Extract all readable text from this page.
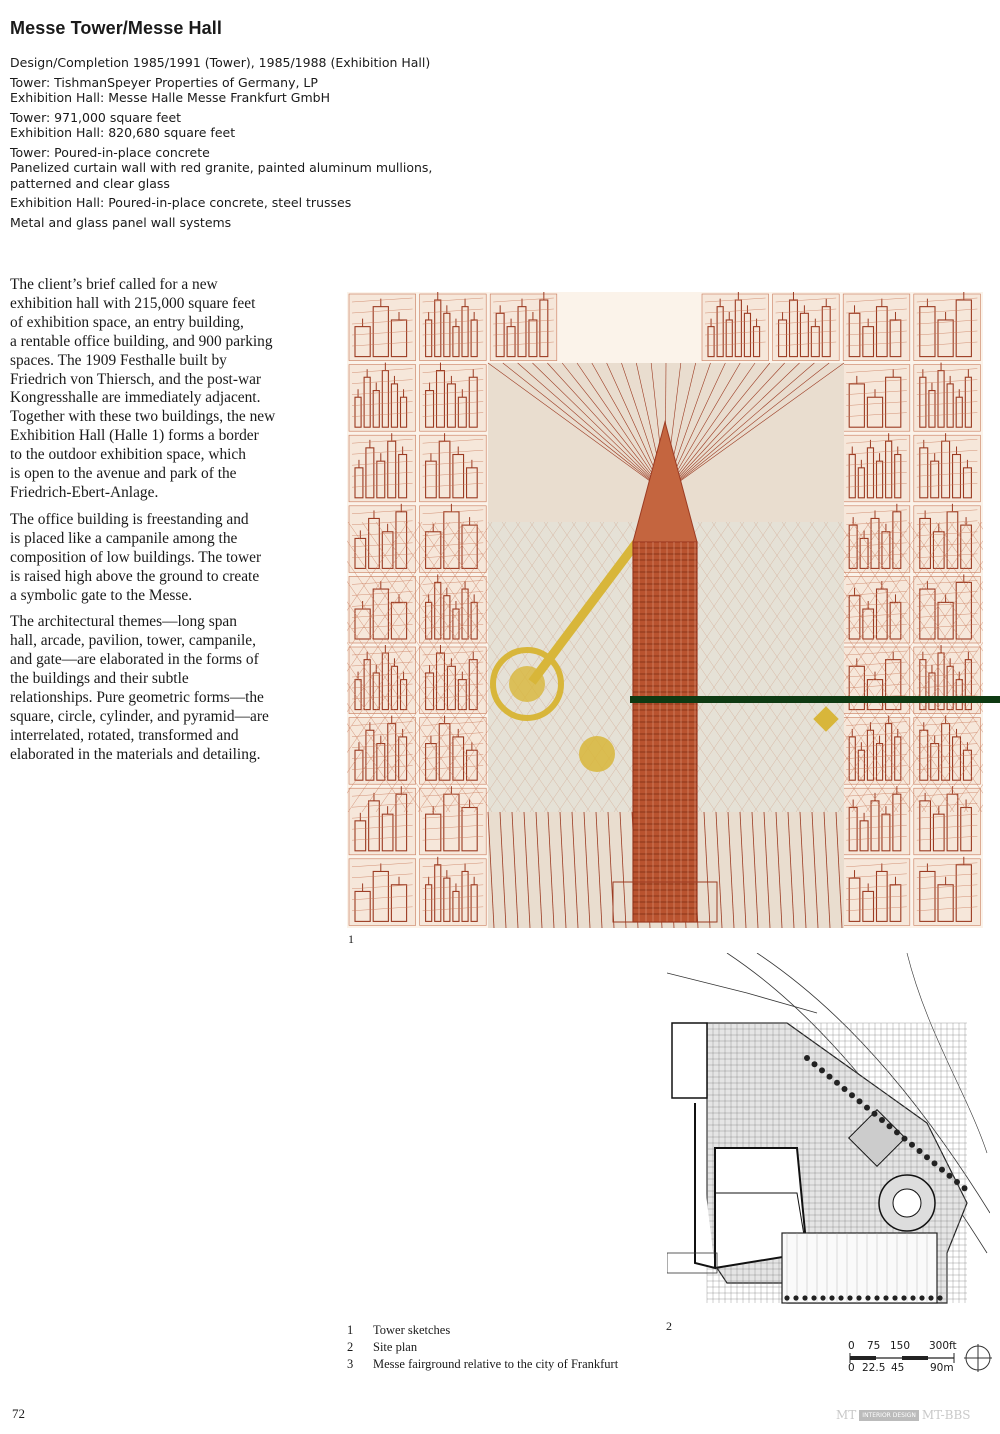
Messe Tower/Messe Hall
Design/Completion 1985/1991 (Tower), 1985/1988 (Exhibition Hall)
Tower: TishmanSpeyer Properties of Germany, LP
Exhibition Hall: Messe Halle Messe Frankfurt GmbH
Tower: 971,000 square feet
Exhibition Hall: 820,680 square feet
Tower: Poured-in-place concrete
Panelized curtain wall with red granite, painted aluminum mullions,
patterned and clear glass
Exhibition Hall: Poured-in-place concrete, steel trusses
Metal and glass panel wall systems

The client’s brief called for a new
exhibition hall with 215,000 square feet
of exhibition space, an entry building,
a rentable office building, and 900 parking
spaces. The 1909 Festhalle built by
Friedrich von Thiersch, and the post-war
Kongresshalle are immediately adjacent.
Together with these two buildings, the new
Exhibition Hall (Halle 1) forms a border
to the outdoor exhibition space, which
is open to the avenue and park of the
Friedrich-Ebert-Anlage.

The office building is freestanding and
is placed like a campanile among the
composition of low buildings. The tower
is raised high above the ground to create
a symbolic gate to the Messe.

The architectural themes—long span
hall, arcade, pavilion, tower, campanile,
and gate—are elaborated in the forms of
the buildings and their subtle
relationships. Pure geometric forms—the
square, circle, cylinder, and pyramid—are
interrelated, rotated, transformed and
elaborated in the materials and detailing.

1
2
1	Tower sketches
2	Site plan
3	Messe fairground relative to the city of Frankfurt
0 75 150 300ft
0 22.5 45 90m
72	MT	INTERIOR DESIGN MT-BBS
